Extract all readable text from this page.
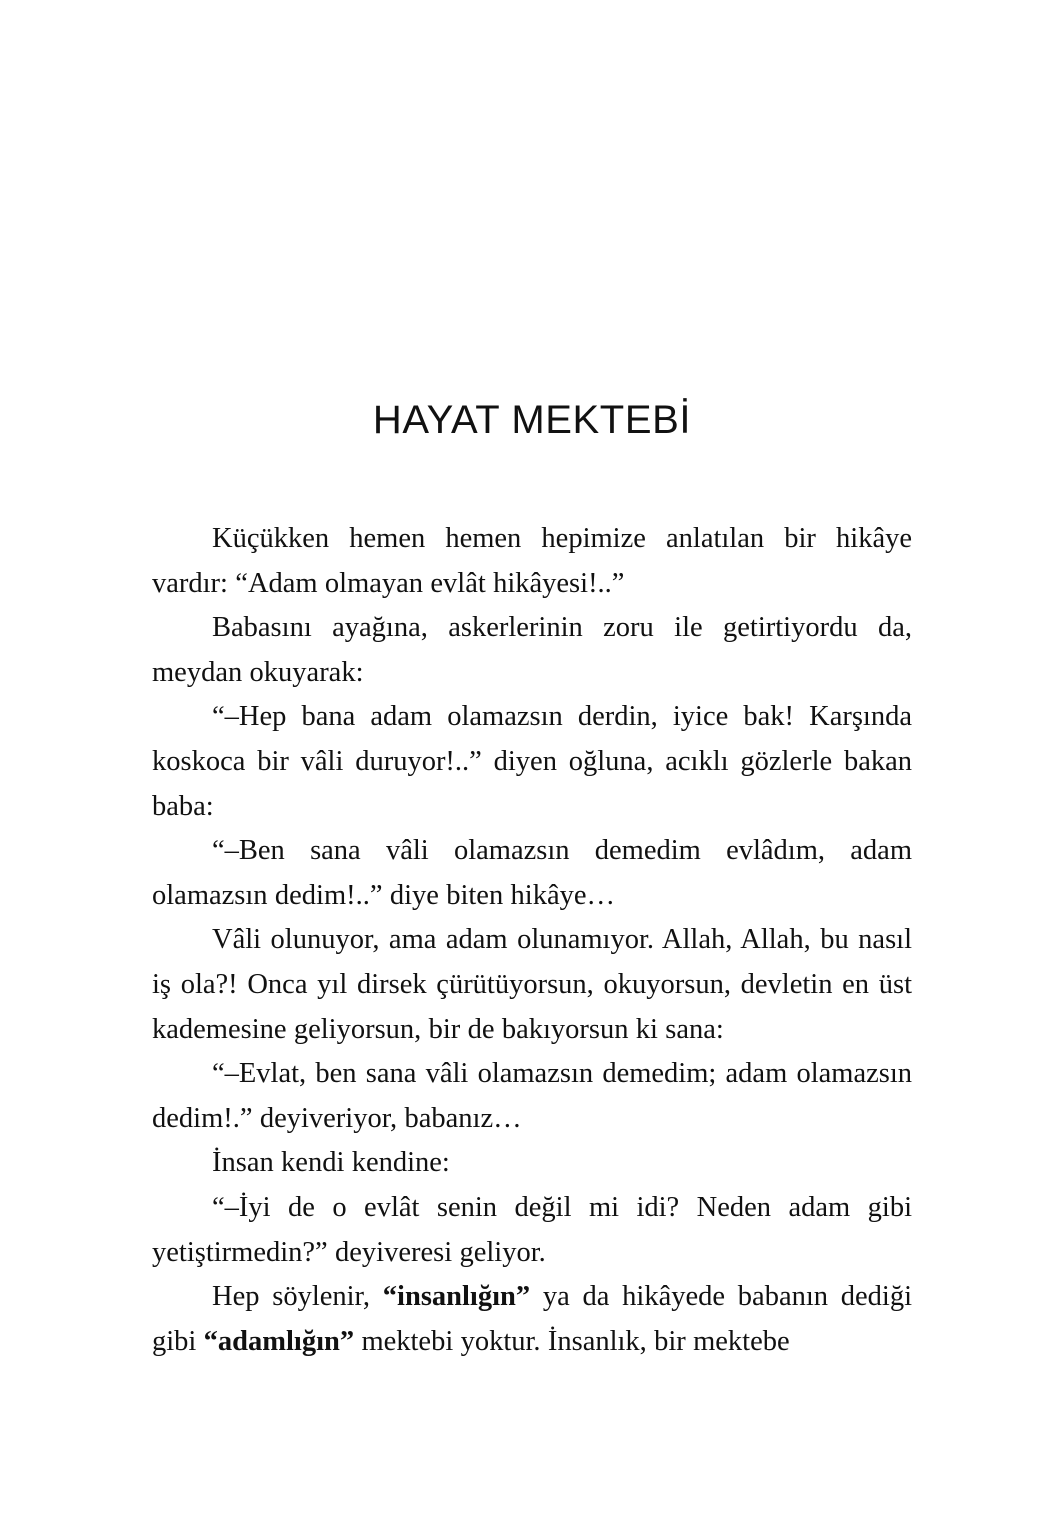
HAYAT MEKTEBİ

Küçükken hemen hemen hepimize anlatılan bir hikâye vardır: “Adam olmayan evlât hikâyesi!..”

Babasını ayağına, askerlerinin zoru ile getirtiyordu da, meydan okuyarak:

“–Hep bana adam olamazsın derdin, iyice bak! Karşında koskoca bir vâli duruyor!..” diyen oğluna, acıklı gözlerle bakan baba:

“–Ben sana vâli olamazsın demedim evlâdım, adam olamazsın dedim!..” diye biten hikâye…

Vâli olunuyor, ama adam olunamıyor. Allah, Allah, bu nasıl iş ola?! Onca yıl dirsek çürütüyorsun, okuyorsun, devletin en üst kademesine geliyorsun, bir de bakıyorsun ki sana:

“–Evlat, ben sana vâli olamazsın demedim; adam olamazsın dedim!.” deyiveriyor, babanız…

İnsan kendi kendine:

“–İyi de o evlât senin değil mi idi? Neden adam gibi yetiştirmedin?” deyiveresi geliyor.

Hep söylenir, “insanlığın” ya da hikâyede babanın dediği gibi “adamlığın” mektebi yoktur. İnsanlık, bir mektebe
